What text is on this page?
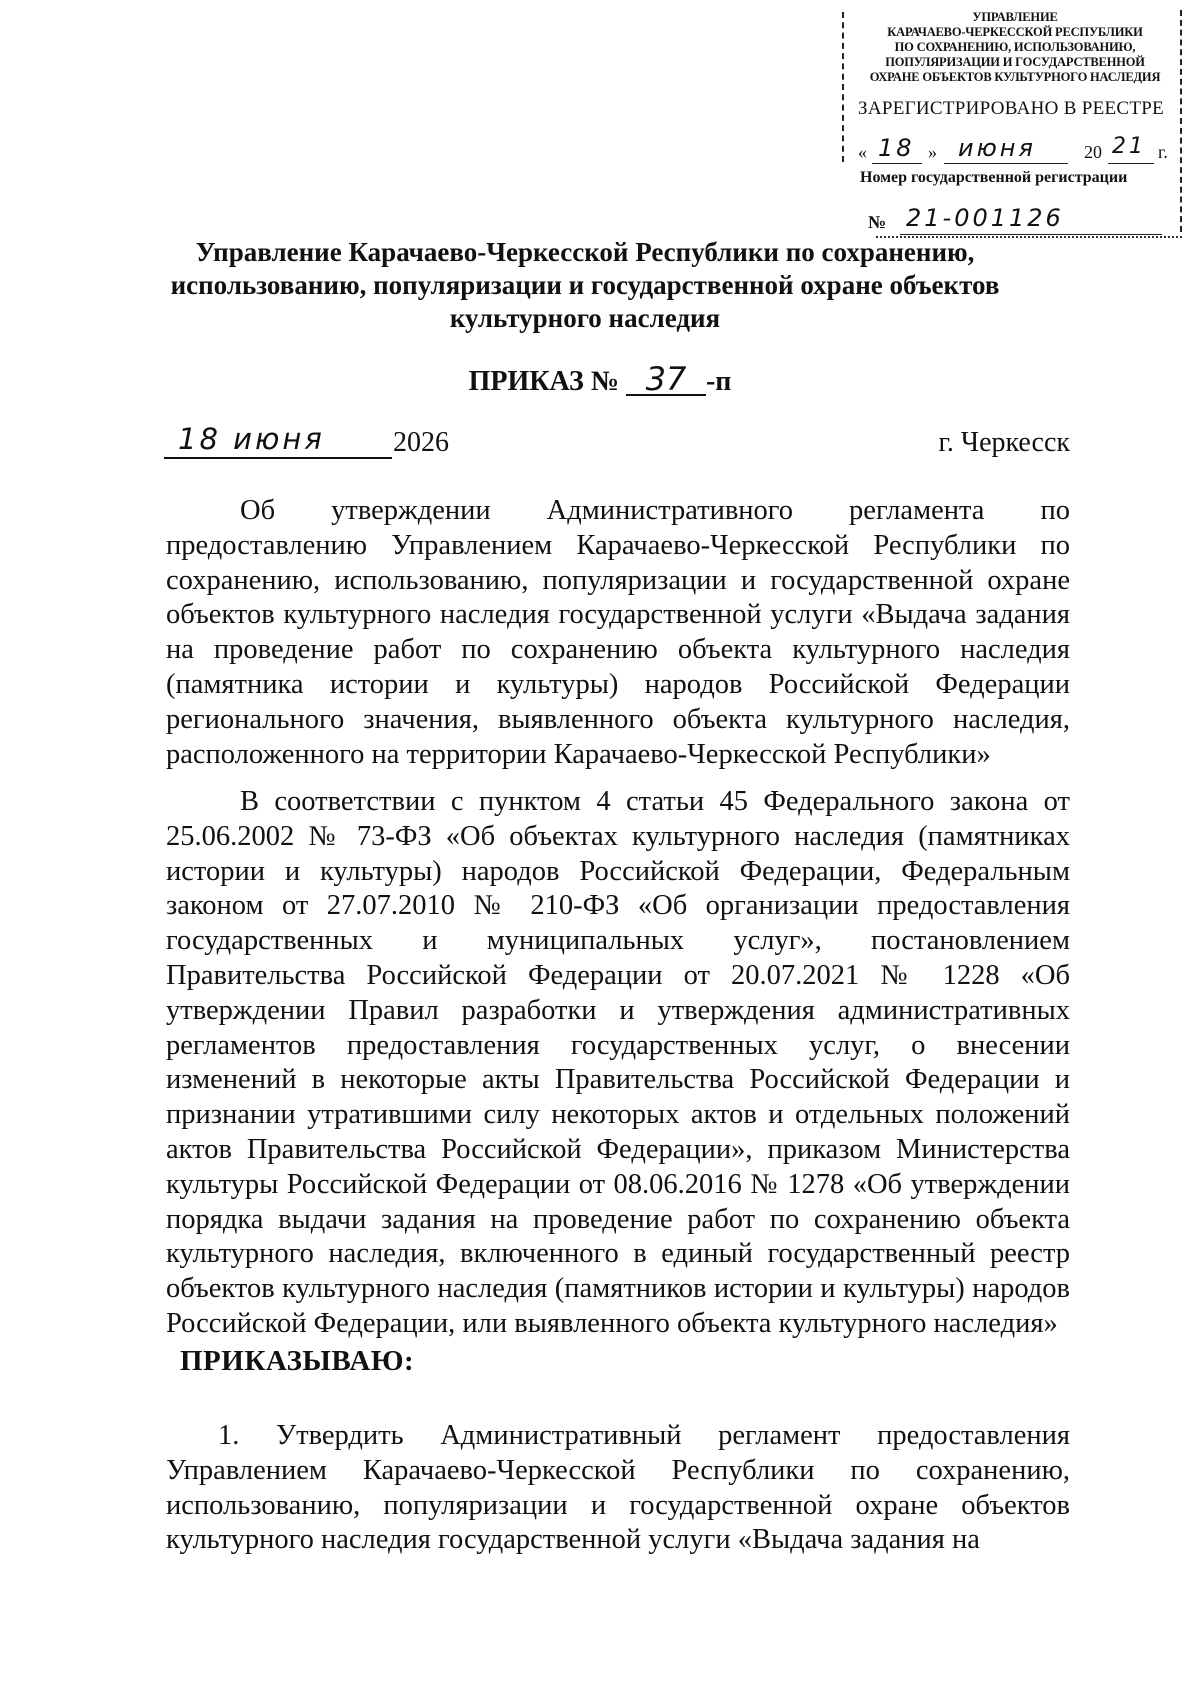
УПРАВЛЕНИЕ
КАРАЧАЕВО-ЧЕРКЕССКОЙ РЕСПУБЛИКИ
ПО СОХРАНЕНИЮ, ИСПОЛЬЗОВАНИЮ,
ПОПУЛЯРИЗАЦИИ И ГОСУДАРСТВЕННОЙ
ОХРАНЕ ОБЪЕКТОВ КУЛЬТУРНОГО НАСЛЕДИЯ
ЗАРЕГИСТРИРОВАНО В РЕЕСТРЕ
« 18 » июня	20 21 г.
Номер государственной регистрации
№ 21-001126
Управление Карачаево-Черкесской Республики по сохранению,
использованию, популяризации и государственной охране объектов
культурного наследия
ПРИКАЗ № 37 -п
18 июня	2026	г. Черкесск
Об утверждении Административного регламента по предоставлению Управлением Карачаево-Черкесской Республики по сохранению, использованию, популяризации и государственной охране объектов культурного наследия государственной услуги «Выдача задания на проведение работ по сохранению объекта культурного наследия (памятника истории и культуры) народов Российской Федерации регионального значения, выявленного объекта культурного наследия, расположенного на территории Карачаево-Черкесской Республики»
В соответствии с пунктом 4 статьи 45 Федерального закона от 25.06.2002 № 73-ФЗ «Об объектах культурного наследия (памятниках истории и культуры) народов Российской Федерации, Федеральным законом от 27.07.2010 № 210-ФЗ «Об организации предоставления государственных и муниципальных услуг», постановлением Правительства Российской Федерации от 20.07.2021 № 1228 «Об утверждении Правил разработки и утверждения административных регламентов предоставления государственных услуг, о внесении изменений в некоторые акты Правительства Российской Федерации и признании утратившими силу некоторых актов и отдельных положений актов Правительства Российской Федерации», приказом Министерства культуры Российской Федерации от 08.06.2016 № 1278 «Об утверждении порядка выдачи задания на проведение работ по сохранению объекта культурного наследия, включенного в единый государственный реестр объектов культурного наследия (памятников истории и культуры) народов Российской Федерации, или выявленного объекта культурного наследия»
ПРИКАЗЫВАЮ:
1. Утвердить Административный регламент предоставления Управлением Карачаево-Черкесской Республики по сохранению, использованию, популяризации и государственной охране объектов культурного наследия государственной услуги «Выдача задания на
